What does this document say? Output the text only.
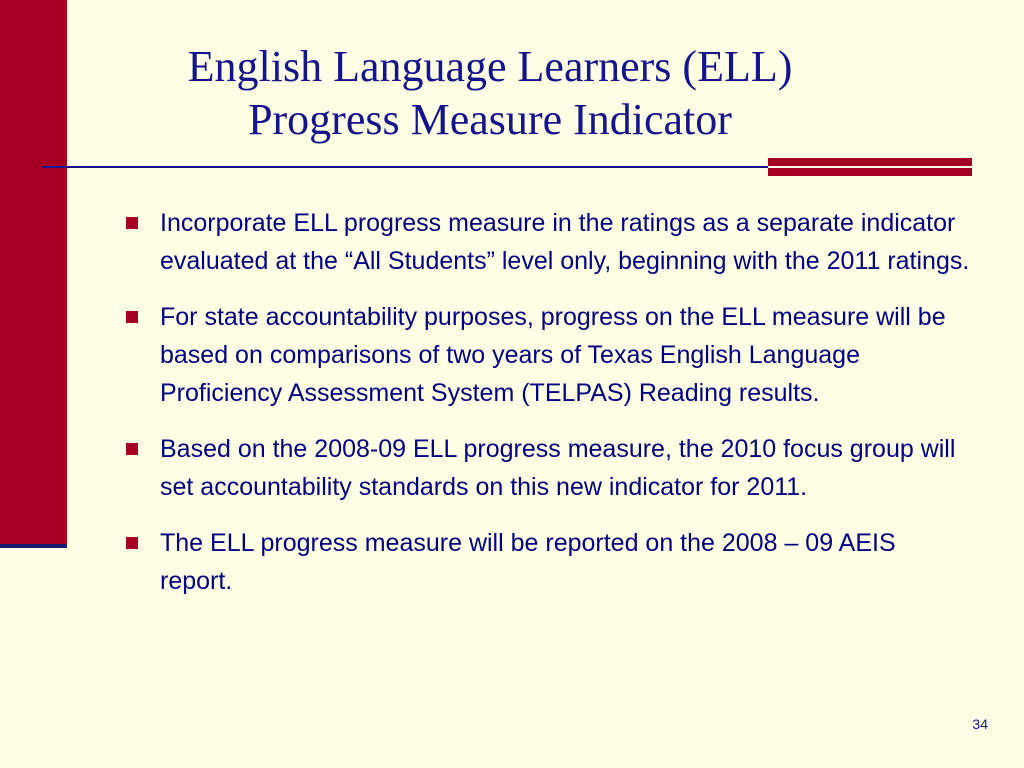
English Language Learners (ELL)
Progress Measure Indicator
Incorporate ELL progress measure in the ratings as a separate indicator evaluated at the “All Students” level only, beginning with the 2011 ratings.
For state accountability purposes, progress on the ELL measure will be based on comparisons of two years of Texas English Language Proficiency Assessment System (TELPAS) Reading results.
Based on the 2008-09 ELL progress measure, the 2010 focus group will set accountability standards on this new indicator for 2011.
The ELL progress measure will be reported on the 2008 – 09 AEIS report.
34
